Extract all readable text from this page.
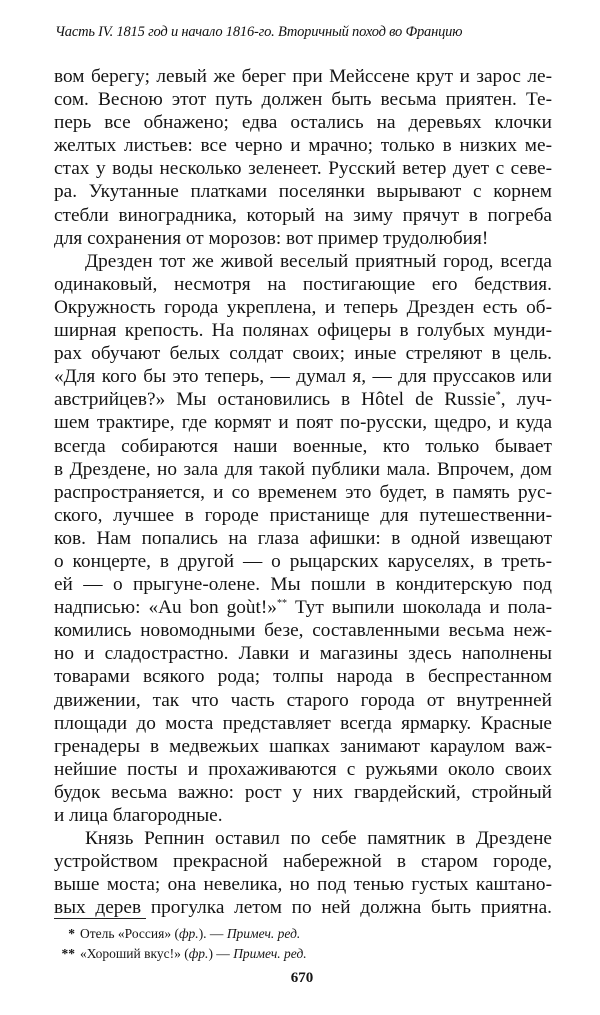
Часть IV. 1815 год и начало 1816-го. Вторичный поход во Францию
вом берегу; левый же берег при Мейссене крут и зарос ле-
сом. Весною этот путь должен быть весьма приятен. Те-
перь все обнажено; едва остались на деревьях клочки
желтых листьев: все черно и мрачно; только в низких ме-
стах у воды несколько зеленеет. Русский ветер дует с севе-
ра. Укутанные платками поселянки вырывают с корнем
стебли виноградника, который на зиму прячут в погреба
для сохранения от морозов: вот пример трудолюбия!
Дрезден тот же живой веселый приятный город, всегда
одинаковый, несмотря на постигающие его бедствия.
Окружность города укреплена, и теперь Дрезден есть об-
ширная крепость. На полянах офицеры в голубых мунди-
рах обучают белых солдат своих; иные стреляют в цель.
«Для кого бы это теперь, — думал я, — для пруссаков или
австрийцев?» Мы остановились в Hôtel de Russie*, луч-
шем трактире, где кормят и поят по-русски, щедро, и куда
всегда собираются наши военные, кто только бывает
в Дрездене, но зала для такой публики мала. Впрочем, дом
распространяется, и со временем это будет, в память рус-
ского, лучшее в городе пристанище для путешественни-
ков. Нам попались на глаза афишки: в одной извещают
о концерте, в другой — о рыцарских каруселях, в треть-
ей — о прыгуне-олене. Мы пошли в кондитерскую под
надписью: «Au bon goùt!»** Тут выпили шоколада и пола-
комились новомодными безе, составленными весьма неж-
но и сладострастно. Лавки и магазины здесь наполнены
товарами всякого рода; толпы народа в беспрестанном
движении, так что часть старого города от внутренней
площади до моста представляет всегда ярмарку. Красные
гренадеры в медвежьих шапках занимают караулом важ-
нейшие посты и прохаживаются с ружьями около своих
будок весьма важно: рост у них гвардейский, стройный
и лица благородные.
Князь Репнин оставил по себе памятник в Дрездене
устройством прекрасной набережной в старом городе,
выше моста; она невелика, но под тенью густых каштано-
вых дерев прогулка летом по ней должна быть приятна.
* Отель «Россия» (фр.). — Примеч. ред.
** «Хороший вкус!» (фр.) — Примеч. ред.
670
